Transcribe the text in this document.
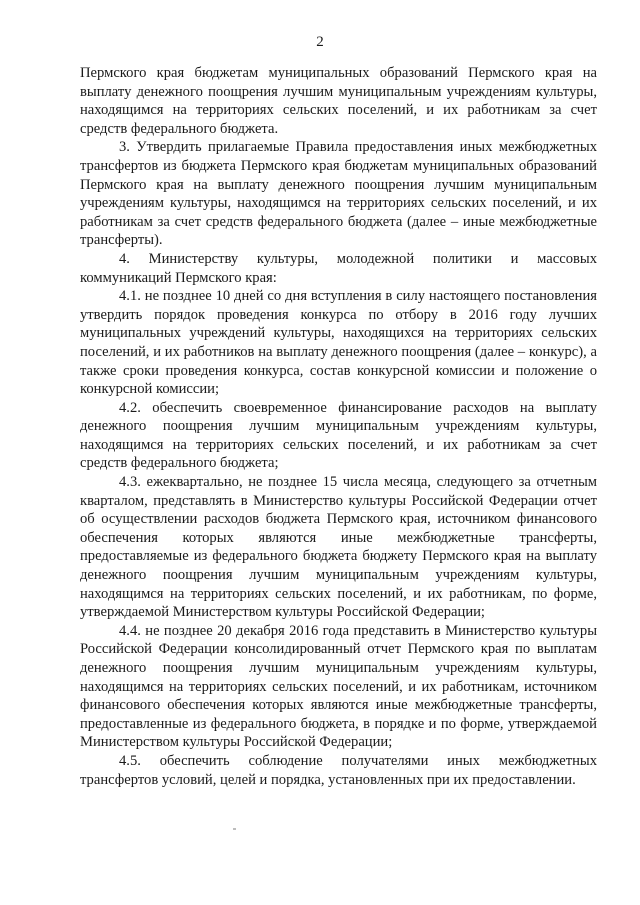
2

Пермского края бюджетам муниципальных образований Пермского края на выплату денежного поощрения лучшим муниципальным учреждениям культуры, находящимся на территориях сельских поселений, и их работникам за счет средств федерального бюджета.

3. Утвердить прилагаемые Правила предоставления иных межбюджетных трансфертов из бюджета Пермского края бюджетам муниципальных образований Пермского края на выплату денежного поощрения лучшим муниципальным учреждениям культуры, находящимся на территориях сельских поселений, и их работникам за счет средств федерального бюджета (далее – иные межбюджетные трансферты).

4. Министерству культуры, молодежной политики и массовых коммуникаций Пермского края:

4.1. не позднее 10 дней со дня вступления в силу настоящего постановления утвердить порядок проведения конкурса по отбору в 2016 году лучших муниципальных учреждений культуры, находящихся на территориях сельских поселений, и их работников на выплату денежного поощрения (далее – конкурс), а также сроки проведения конкурса, состав конкурсной комиссии и положение о конкурсной комиссии;

4.2. обеспечить своевременное финансирование расходов на выплату денежного поощрения лучшим муниципальным учреждениям культуры, находящимся на территориях сельских поселений, и их работникам за счет средств федерального бюджета;

4.3. ежеквартально, не позднее 15 числа месяца, следующего за отчетным кварталом, представлять в Министерство культуры Российской Федерации отчет об осуществлении расходов бюджета Пермского края, источником финансового обеспечения которых являются иные межбюджетные трансферты, предоставляемые из федерального бюджета бюджету Пермского края на выплату денежного поощрения лучшим муниципальным учреждениям культуры, находящимся на территориях сельских поселений, и их работникам, по форме, утверждаемой Министерством культуры Российской Федерации;

4.4. не позднее 20 декабря 2016 года представить в Министерство культуры Российской Федерации консолидированный отчет Пермского края по выплатам денежного поощрения лучшим муниципальным учреждениям культуры, находящимся на территориях сельских поселений, и их работникам, источником финансового обеспечения которых являются иные межбюджетные трансферты, предоставленные из федерального бюджета, в порядке и по форме, утверждаемой Министерством культуры Российской Федерации;

4.5. обеспечить соблюдение получателями иных межбюджетных трансфертов условий, целей и порядка, установленных при их предоставлении.
